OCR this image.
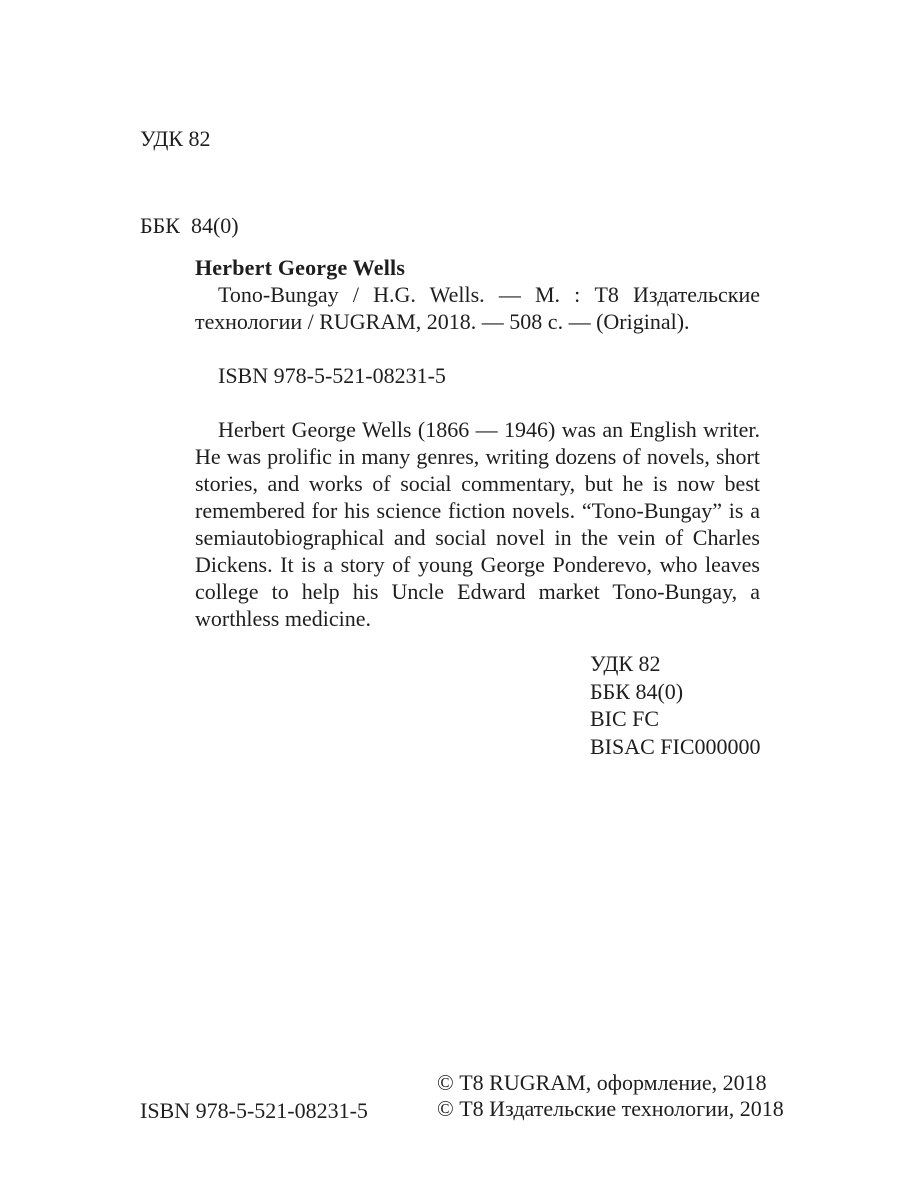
УДК 82

ББК  84(0)

Herbert George Wells

Tono-Bungay / H.G. Wells. — М. : Т8 Издательские технологии / RUGRAM, 2018. — 508 с. — (Original).

ISBN 978-5-521-08231-5

Herbert George Wells (1866 — 1946) was an English writer. He was prolific in many genres, writing dozens of novels, short stories, and works of social commentary, but he is now best remembered for his science fiction novels. “Tono-Bungay” is a semiautobiographical and social novel in the vein of Charles Dickens. It is a story of young George Ponderevo, who leaves college to help his Uncle Edward market Tono-Bungay, a worthless medicine.

УДК 82
ББК 84(0)
BIC FC
BISAC FIC000000
ISBN 978-5-521-08231-5
© Т8 RUGRAM, оформление, 2018
© Т8 Издательские технологии, 2018
